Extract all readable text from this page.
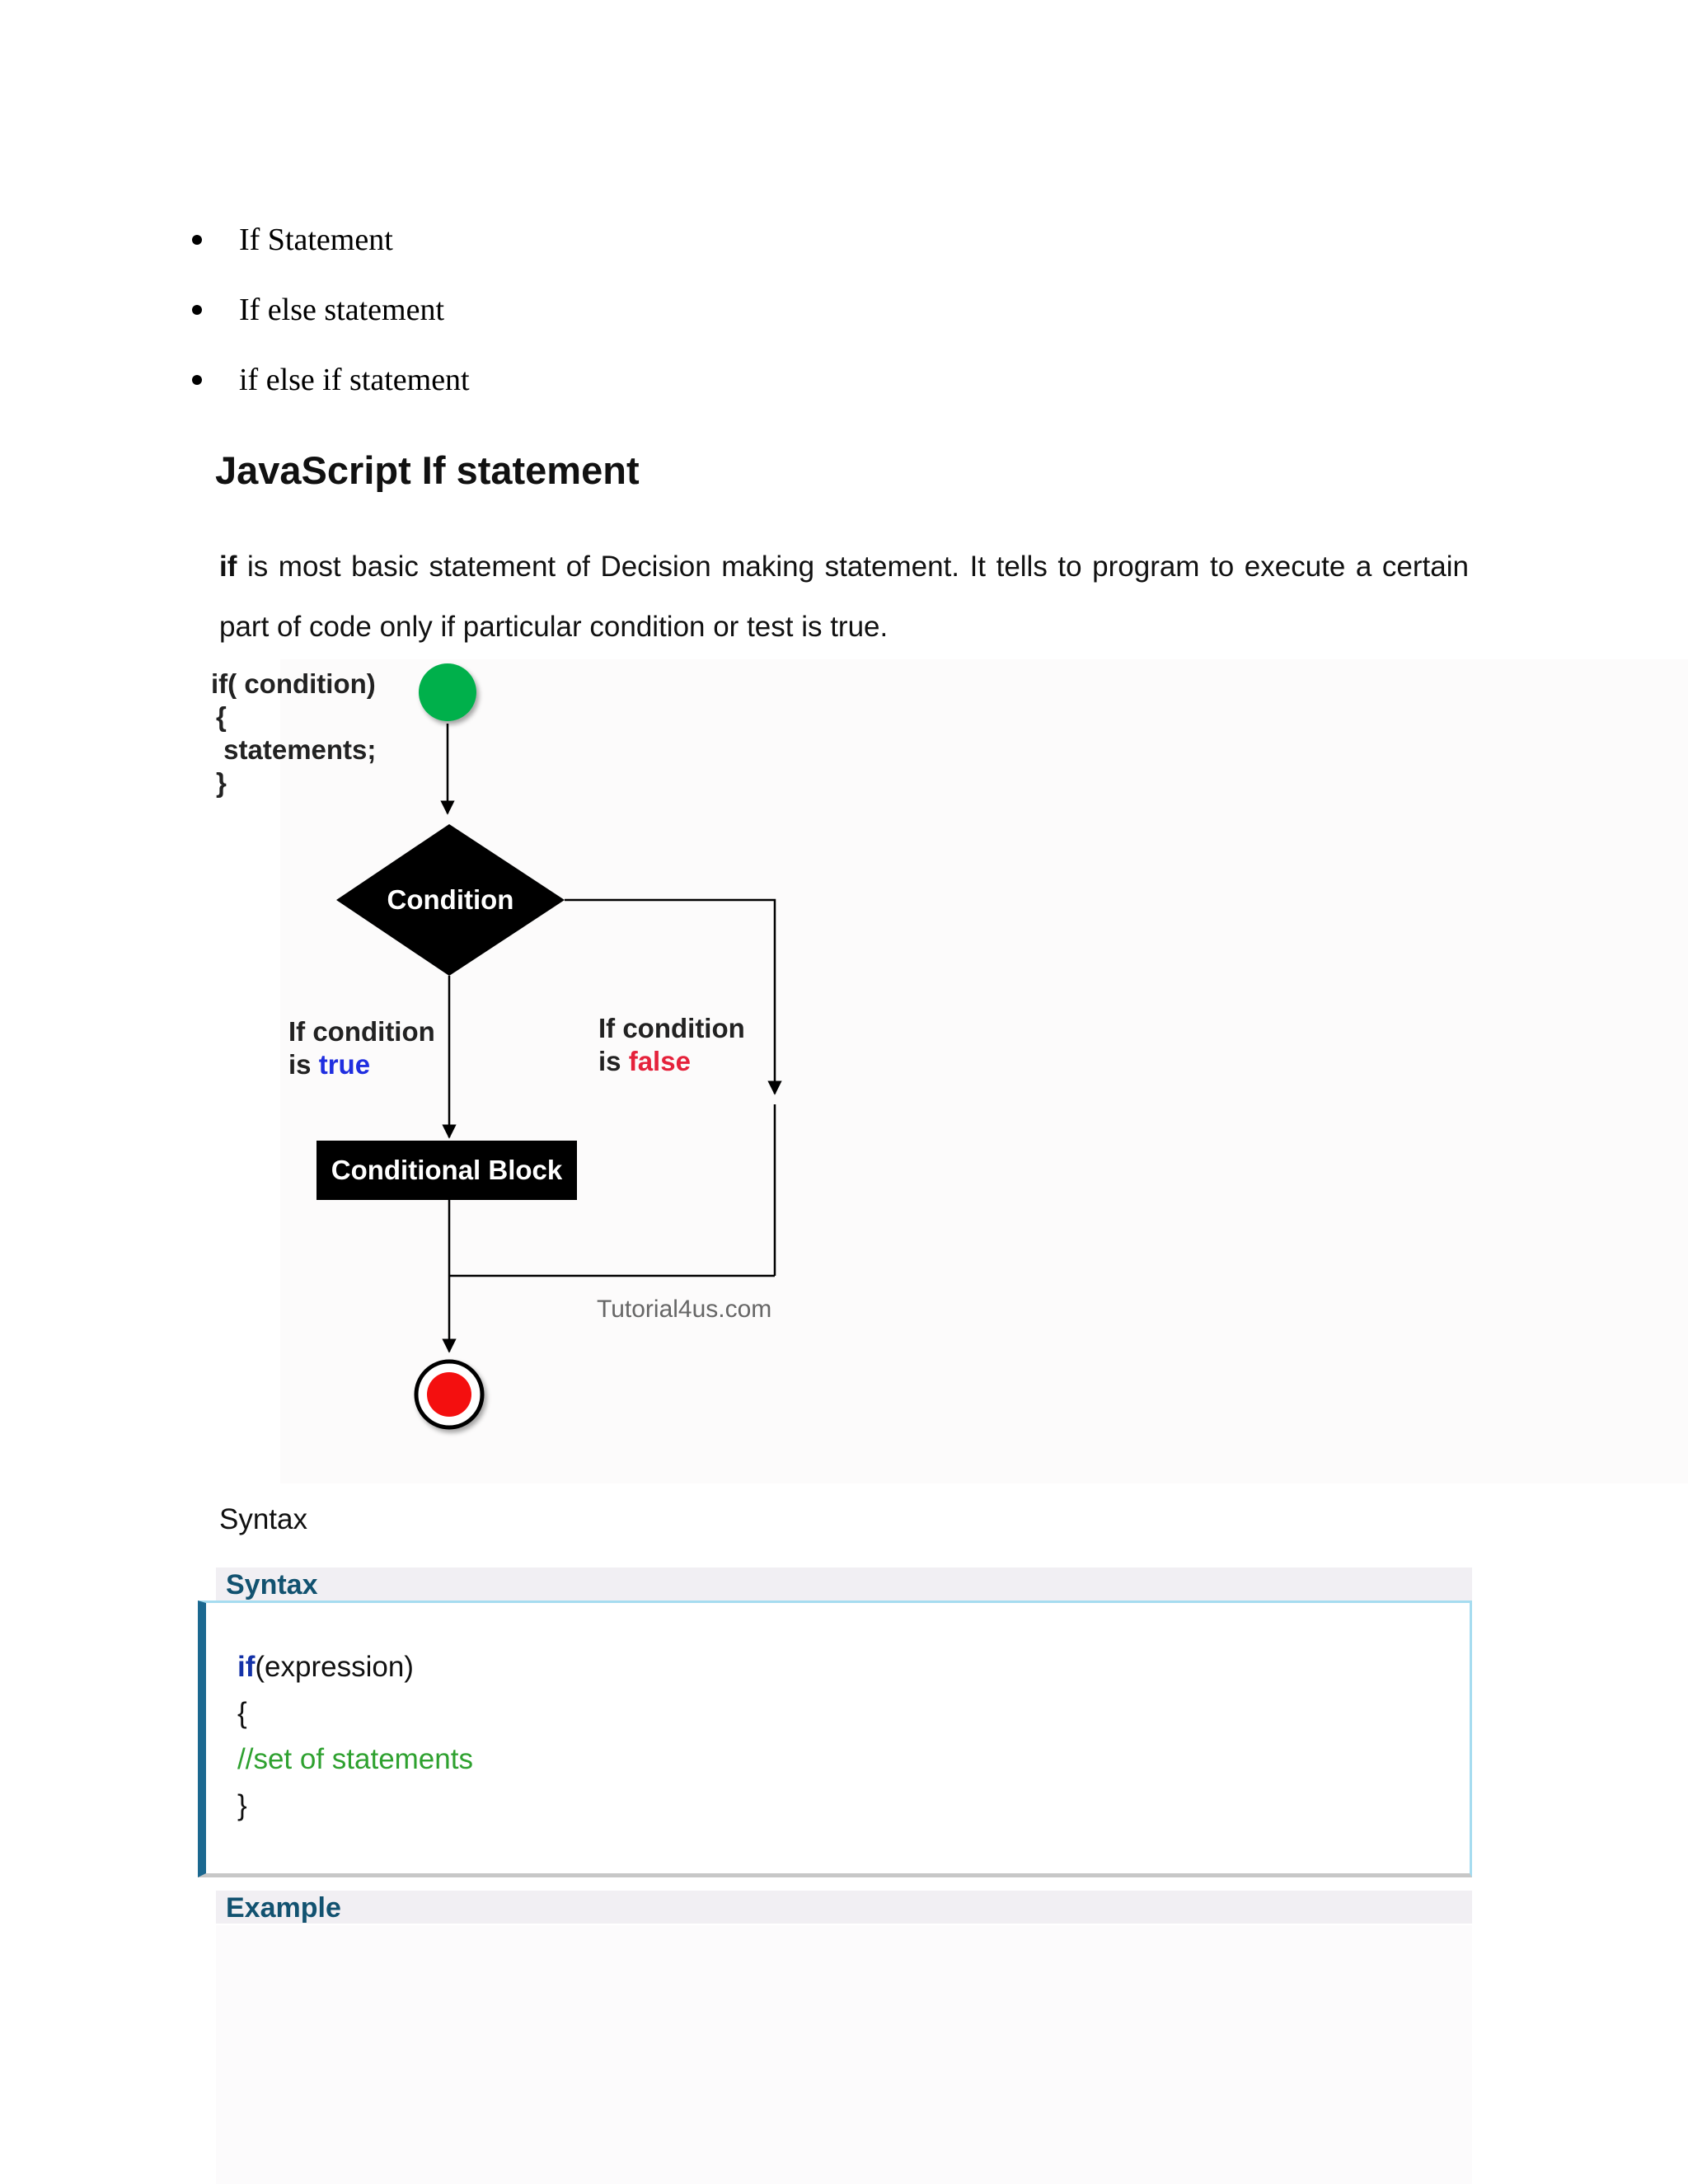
If Statement
If else statement
if else if statement
JavaScript If statement
if is most basic statement of Decision making statement. It tells to program to execute a certain
part of code only if particular condition or test is true.
if( condition)
{
statements;
}
Condition
If condition
is true
If condition
is false
Conditional Block
Tutorial4us.com
Syntax
Syntax
if(expression)
{
//set of statements
}
Example
